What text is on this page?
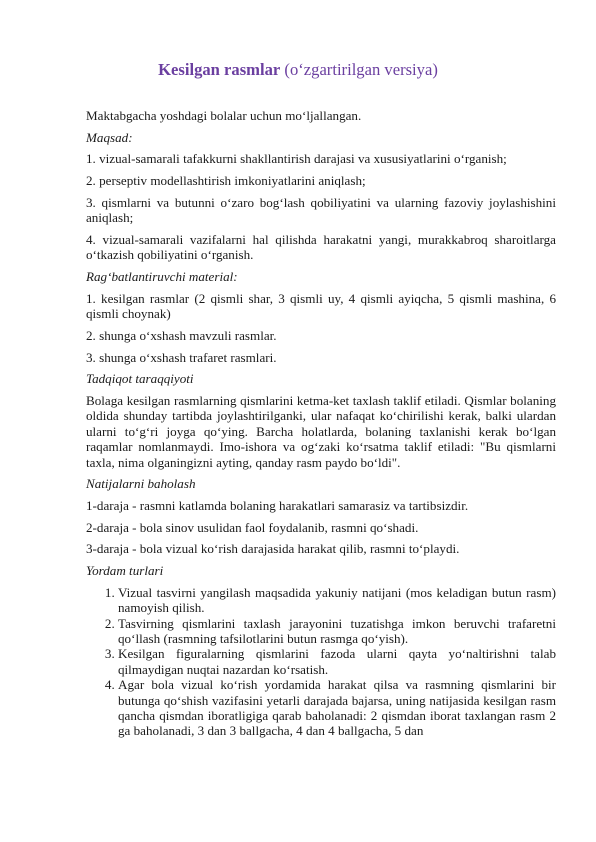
Kesilgan rasmlar (o‘zgartirilgan versiya)

Maktabgacha yoshdagi bolalar uchun mo‘ljallangan.

Maqsad:

1. vizual-samarali tafakkurni shakllantirish darajasi va xususiyatlarini o‘rganish;

2. perseptiv modellashtirish imkoniyatlarini aniqlash;

3. qismlarni va butunni o‘zaro bog‘lash qobiliyatini va ularning fazoviy joylashishini aniqlash;

4. vizual-samarali vazifalarni hal qilishda harakatni yangi, murakkabroq sharoitlarga o‘tkazish qobiliyatini o‘rganish.

Rag‘batlantiruvchi material:

1. kesilgan rasmlar (2 qismli shar, 3 qismli uy, 4 qismli ayiqcha, 5 qismli mashina, 6 qismli choynak)

2. shunga o‘xshash mavzuli rasmlar.

3. shunga o‘xshash trafaret rasmlari.

Tadqiqot taraqqiyoti

Bolaga kesilgan rasmlarning qismlarini ketma-ket taxlash taklif etiladi. Qismlar bolaning oldida shunday tartibda joylashtirilganki, ular nafaqat ko‘chirilishi kerak, balki ulardan ularni to‘g‘ri joyga qo‘ying. Barcha holatlarda, bolaning taxlanishi kerak bo‘lgan raqamlar nomlanmaydi. Imo-ishora va og‘zaki ko‘rsatma taklif etiladi: "Bu qismlarni taxla, nima olganingizni ayting, qanday rasm paydo bo‘ldi".

Natijalarni baholash

1-daraja - rasmni katlamda bolaning harakatlari samarasiz va tartibsizdir.

2-daraja - bola sinov usulidan faol foydalanib, rasmni qo‘shadi.

3-daraja - bola vizual ko‘rish darajasida harakat qilib, rasmni to‘playdi.

Yordam turlari

1. Vizual tasvirni yangilash maqsadida yakuniy natijani (mos keladigan butun rasm) namoyish qilish.
2. Tasvirning qismlarini taxlash jarayonini tuzatishga imkon beruvchi trafaretni qo‘llash (rasmning tafsilotlarini butun rasmga qo‘yish).
3. Kesilgan figuralarning qismlarini fazoda ularni qayta yo‘naltirishni talab qilmaydigan nuqtai nazardan ko‘rsatish.
4. Agar bola vizual ko‘rish yordamida harakat qilsa va rasmning qismlarini bir butunga qo‘shish vazifasini yetarli darajada bajarsa, uning natijasida kesilgan rasm qancha qismdan iboratligiga qarab baholanadi: 2 qismdan iborat taxlangan rasm 2 ga baholanadi, 3 dan 3 ballgacha, 4 dan 4 ballgacha, 5 dan
